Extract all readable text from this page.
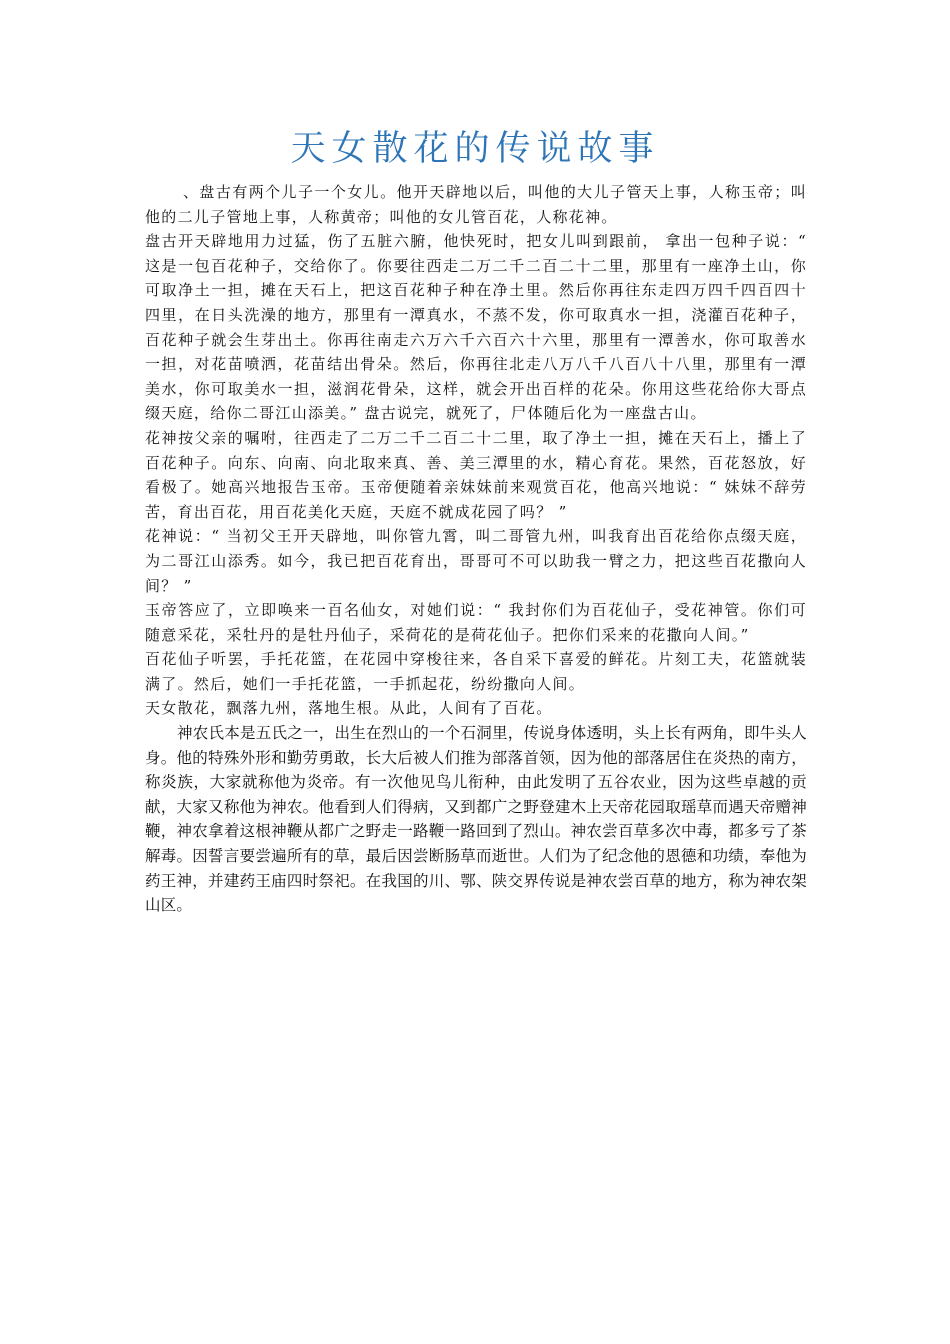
天女散花的传说故事

、盘古有两个儿子一个女儿。他开天辟地以后，叫他的大儿子管天上事，人称玉帝；叫他的二儿子管地上事，人称黄帝；叫他的女儿管百花，人称花神。

盘古开天辟地用力过猛，伤了五脏六腑，他快死时，把女儿叫到跟前， 拿出一包种子说：“ 这是一包百花种子，交给你了。你要往西走二万二千二百二十二里，那里有一座净土山，你可取净土一担，摊在天石上，把这百花种子种在净土里。然后你再往东走四万四千四百四十四里，在日头洗澡的地方，那里有一潭真水，不蒸不发，你可取真水一担，浇灌百花种子，百花种子就会生芽出土。你再往南走六万六千六百六十六里，那里有一潭善水，你可取善水一担，对花苗喷洒，花苗结出骨朵。然后，你再往北走八万八千八百八十八里，那里有一潭美水，你可取美水一担，滋润花骨朵，这样，就会开出百样的花朵。你用这些花给你大哥点缀天庭，给你二哥江山添美。” 盘古说完，就死了，尸体随后化为一座盘古山。

花神按父亲的嘱咐，往西走了二万二千二百二十二里，取了净土一担，摊在天石上，播上了百花种子。向东、向南、向北取来真、善、美三潭里的水，精心育花。果然，百花怒放，好看极了。她高兴地报告玉帝。玉帝便随着亲妹妹前来观赏百花，他高兴地说：“ 妹妹不辞劳苦，育出百花，用百花美化天庭，天庭不就成花园了吗？ ”

花神说：“ 当初父王开天辟地，叫你管九霄，叫二哥管九州，叫我育出百花给你点缀天庭，为二哥江山添秀。如今，我已把百花育出，哥哥可不可以助我一臂之力，把这些百花撒向人间？ ”

玉帝答应了，立即唤来一百名仙女，对她们说：“ 我封你们为百花仙子，受花神管。你们可随意采花，采牡丹的是牡丹仙子，采荷花的是荷花仙子。把你们采来的花撒向人间。”

百花仙子听罢，手托花篮，在花园中穿梭往来，各自采下喜爱的鲜花。片刻工夫，花篮就装满了。然后，她们一手托花篮，一手抓起花，纷纷撒向人间。

天女散花，飘落九州，落地生根。从此，人间有了百花。

神农氏本是五氏之一，出生在烈山的一个石洞里，传说身体透明，头上长有两角，即牛头人身。他的特殊外形和勤劳勇敢，长大后被人们推为部落首领，因为他的部落居住在炎热的南方，称炎族，大家就称他为炎帝。有一次他见鸟儿衔种，由此发明了五谷农业，因为这些卓越的贡献，大家又称他为神农。他看到人们得病，又到都广之野登建木上天帝花园取瑶草而遇天帝赠神鞭，神农拿着这根神鞭从都广之野走一路鞭一路回到了烈山。神农尝百草多次中毒，都多亏了茶解毒。因誓言要尝遍所有的草，最后因尝断肠草而逝世。人们为了纪念他的恩德和功绩，奉他为药王神，并建药王庙四时祭祀。在我国的川、鄂、陕交界传说是神农尝百草的地方，称为神农架山区。
